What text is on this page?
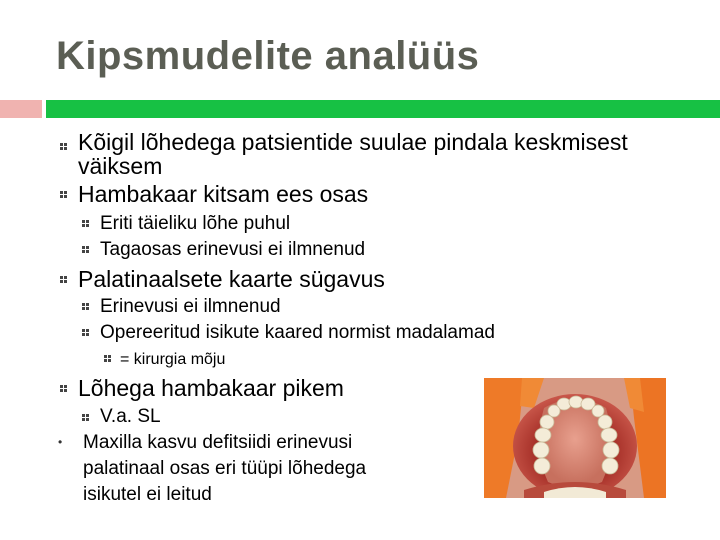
Kipsmudelite analüüs
Kõigil lõhedega patsientide suulae pindala keskmisest
väiksem
Hambakaar kitsam ees osas
Eriti täieliku lõhe puhul
Tagaosas erinevusi ei ilmnenud
Palatinaalsete kaarte sügavus
Erinevusi ei ilmnenud
Opereeritud isikute kaared normist madalamad
= kirurgia mõju
Lõhega hambakaar pikem
V.a. SL
• Maxilla kasvu defitsiidi erinevusi
palatinaal osas eri tüüpi lõhedega
isikutel ei leitud
